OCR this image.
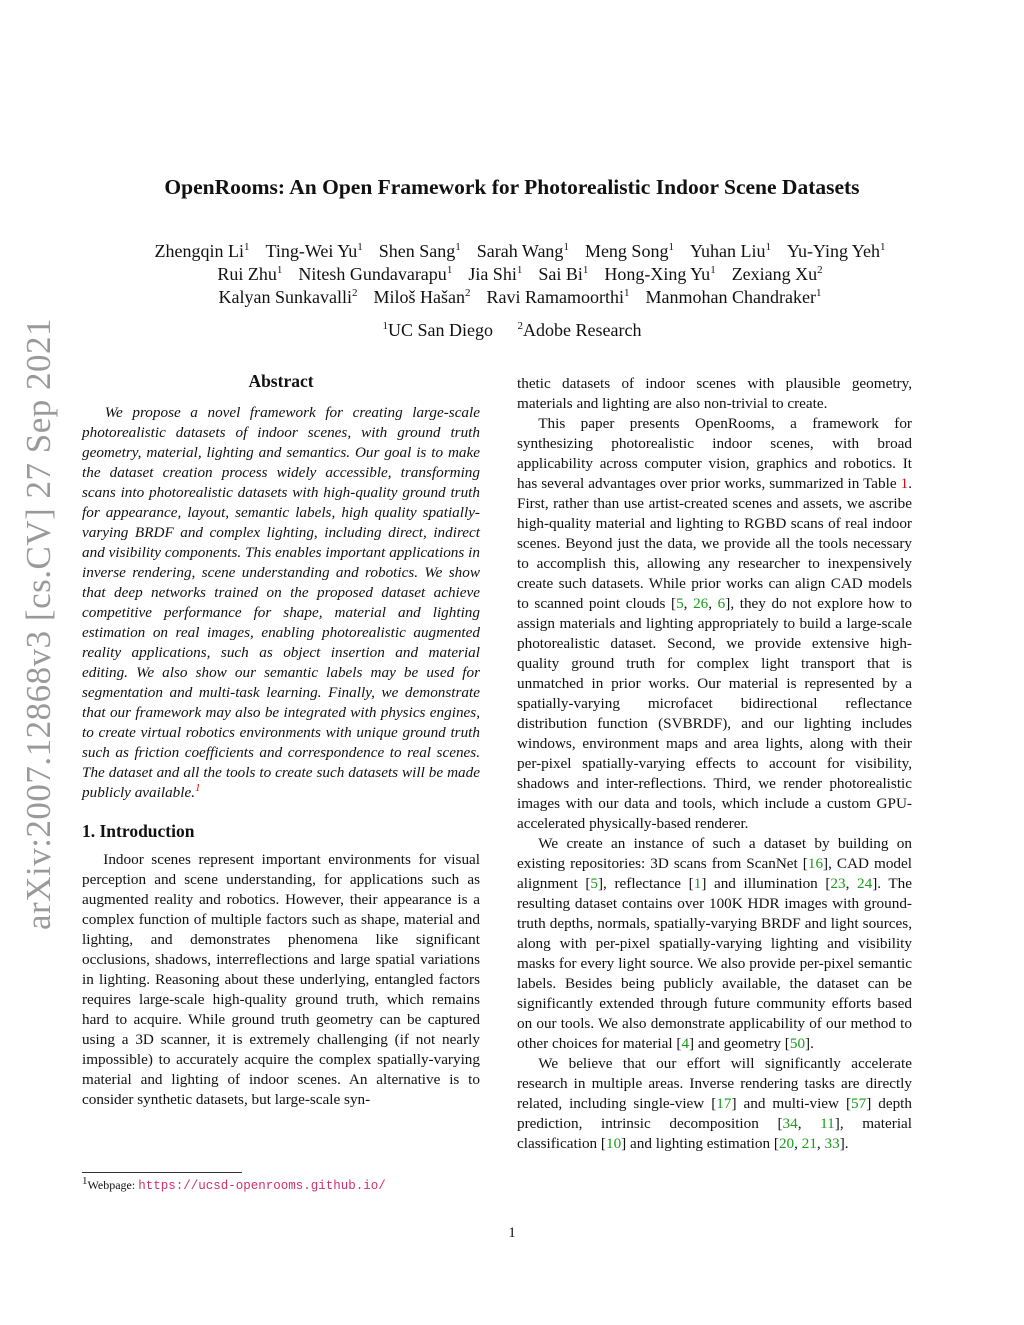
OpenRooms: An Open Framework for Photorealistic Indoor Scene Datasets
Zhengqin Li$^1$ Ting-Wei Yu$^1$ Shen Sang$^1$ Sarah Wang$^1$ Meng Song$^1$ Yuhan Liu$^1$ Yu-Ying Yeh$^1$
Rui Zhu$^1$ Nitesh Gundavarapu$^1$ Jia Shi$^1$ Sai Bi$^1$ Hong-Xing Yu$^1$ Zexiang Xu$^2$
Kalyan Sunkavalli$^2$ Miloš Hašan$^2$ Ravi Ramamoorthi$^1$ Manmohan Chandraker$^1$
$^1$UC San Diego $^2$Adobe Research
arXiv:2007.12868v3 [cs.CV] 27 Sep 2021	Abstract

We propose a novel framework for creating large-scale photorealistic datasets of indoor scenes, with ground truth geometry, material, lighting and semantics. Our goal is to make the dataset creation process widely accessible, transforming scans into photorealistic datasets with high-quality ground truth for appearance, layout, semantic labels, high quality spatially-varying BRDF and complex lighting, including direct, indirect and visibility components. This enables important applications in inverse rendering, scene understanding and robotics. We show that deep networks trained on the proposed dataset achieve competitive performance for shape, material and lighting estimation on real images, enabling photorealistic augmented reality applications, such as object insertion and material editing. We also show our semantic labels may be used for segmentation and multi-task learning. Finally, we demonstrate that our framework may also be integrated with physics engines, to create virtual robotics environments with unique ground truth such as friction coefficients and correspondence to real scenes. The dataset and all the tools to create such datasets will be made publicly available.$^1$

1. Introduction

Indoor scenes represent important environments for visual perception and scene understanding, for applications such as augmented reality and robotics. However, their appearance is a complex function of multiple factors such as shape, material and lighting, and demonstrates phenomena like significant occlusions, shadows, interreflections and large spatial variations in lighting. Reasoning about these underlying, entangled factors requires large-scale high-quality ground truth, which remains hard to acquire. While ground truth geometry can be captured using a 3D scanner, it is extremely challenging (if not nearly impossible) to accurately acquire the complex spatially-varying material and lighting of indoor scenes. An alternative is to consider synthetic datasets, but large-scale syn-

thetic datasets of indoor scenes with plausible geometry, materials and lighting are also non-trivial to create.

This paper presents OpenRooms, a framework for synthesizing photorealistic indoor scenes, with broad applicability across computer vision, graphics and robotics. It has several advantages over prior works, summarized in Table 1. First, rather than use artist-created scenes and assets, we ascribe high-quality material and lighting to RGBD scans of real indoor scenes. Beyond just the data, we provide all the tools necessary to accomplish this, allowing any researcher to inexpensively create such datasets. While prior works can align CAD models to scanned point clouds [5, 26, 6], they do not explore how to assign materials and lighting appropriately to build a large-scale photorealistic dataset. Second, we provide extensive high-quality ground truth for complex light transport that is unmatched in prior works. Our material is represented by a spatially-varying microfacet bidirectional reflectance distribution function (SVBRDF), and our lighting includes windows, environment maps and area lights, along with their per-pixel spatially-varying effects to account for visibility, shadows and inter-reflections. Third, we render photorealistic images with our data and tools, which include a custom GPU-accelerated physically-based renderer.

We create an instance of such a dataset by building on existing repositories: 3D scans from ScanNet [16], CAD model alignment [5], reflectance [1] and illumination [23, 24]. The resulting dataset contains over 100K HDR images with ground-truth depths, normals, spatially-varying BRDF and light sources, along with per-pixel spatially-varying lighting and visibility masks for every light source. We also provide per-pixel semantic labels. Besides being publicly available, the dataset can be significantly extended through future community efforts based on our tools. We also demonstrate applicability of our method to other choices for material [4] and geometry [50].

We believe that our effort will significantly accelerate research in multiple areas. Inverse rendering tasks are directly related, including single-view [17] and multi-view [57] depth prediction, intrinsic decomposition [34, 11], material classification [10] and lighting estimation [20, 21, 33].

$^1$Webpage: https://ucsd-openrooms.github.io/
1
